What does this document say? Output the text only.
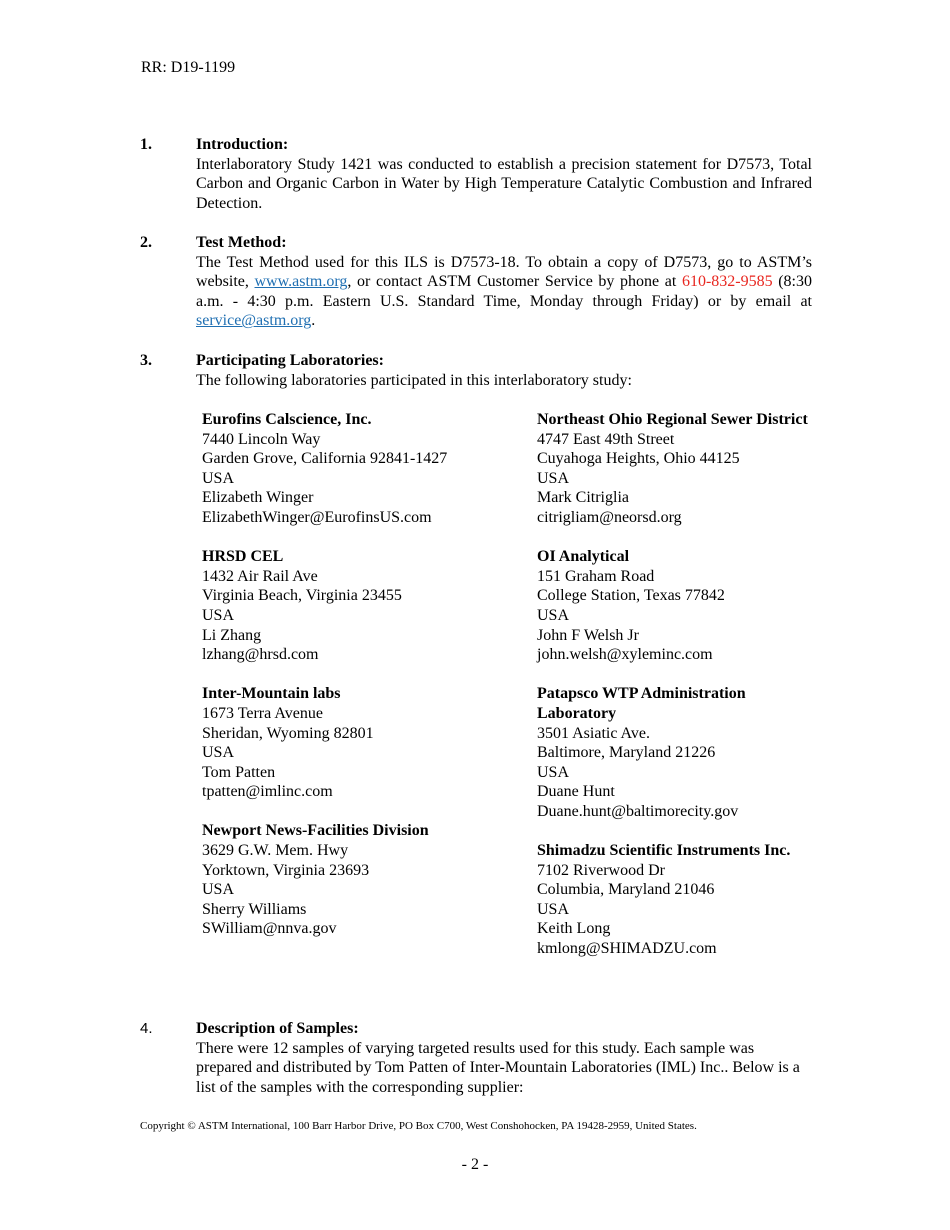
RR: D19-1199
1.	Introduction:
Interlaboratory Study 1421 was conducted to establish a precision statement for D7573, Total Carbon and Organic Carbon in Water by High Temperature Catalytic Combustion and Infrared Detection.
2.	Test Method:
The Test Method used for this ILS is D7573-18. To obtain a copy of D7573, go to ASTM’s website, www.astm.org, or contact ASTM Customer Service by phone at 610-832-9585 (8:30 a.m. - 4:30 p.m. Eastern U.S. Standard Time, Monday through Friday) or by email at service@astm.org.
3.	Participating Laboratories:
The following laboratories participated in this interlaboratory study:
Eurofins Calscience, Inc.
7440 Lincoln Way
Garden Grove, California 92841-1427
USA
Elizabeth Winger
ElizabethWinger@EurofinsUS.com
HRSD CEL
1432 Air Rail Ave
Virginia Beach, Virginia 23455
USA
Li Zhang
lzhang@hrsd.com
Inter-Mountain labs
1673 Terra Avenue
Sheridan, Wyoming 82801
USA
Tom Patten
tpatten@imlinc.com
Newport News-Facilities Division
3629 G.W. Mem. Hwy
Yorktown, Virginia 23693
USA
Sherry Williams
SWilliam@nnva.gov
Northeast Ohio Regional Sewer District
4747 East 49th Street
Cuyahoga Heights, Ohio 44125
USA
Mark Citriglia
citrigliam@neorsd.org
OI Analytical
151 Graham Road
College Station, Texas 77842
USA
John F Welsh Jr
john.welsh@xyleminc.com
Patapsco WTP Administration Laboratory
3501 Asiatic Ave.
Baltimore, Maryland 21226
USA
Duane Hunt
Duane.hunt@baltimorecity.gov
Shimadzu Scientific Instruments Inc.
7102 Riverwood Dr
Columbia, Maryland 21046
USA
Keith Long
kmlong@SHIMADZU.com
4.	Description of Samples:
There were 12 samples of varying targeted results used for this study. Each sample was prepared and distributed by Tom Patten of Inter-Mountain Laboratories (IML) Inc.. Below is a list of the samples with the corresponding supplier:
Copyright © ASTM International, 100 Barr Harbor Drive, PO Box C700, West Conshohocken, PA 19428-2959, United States.
- 2 -
